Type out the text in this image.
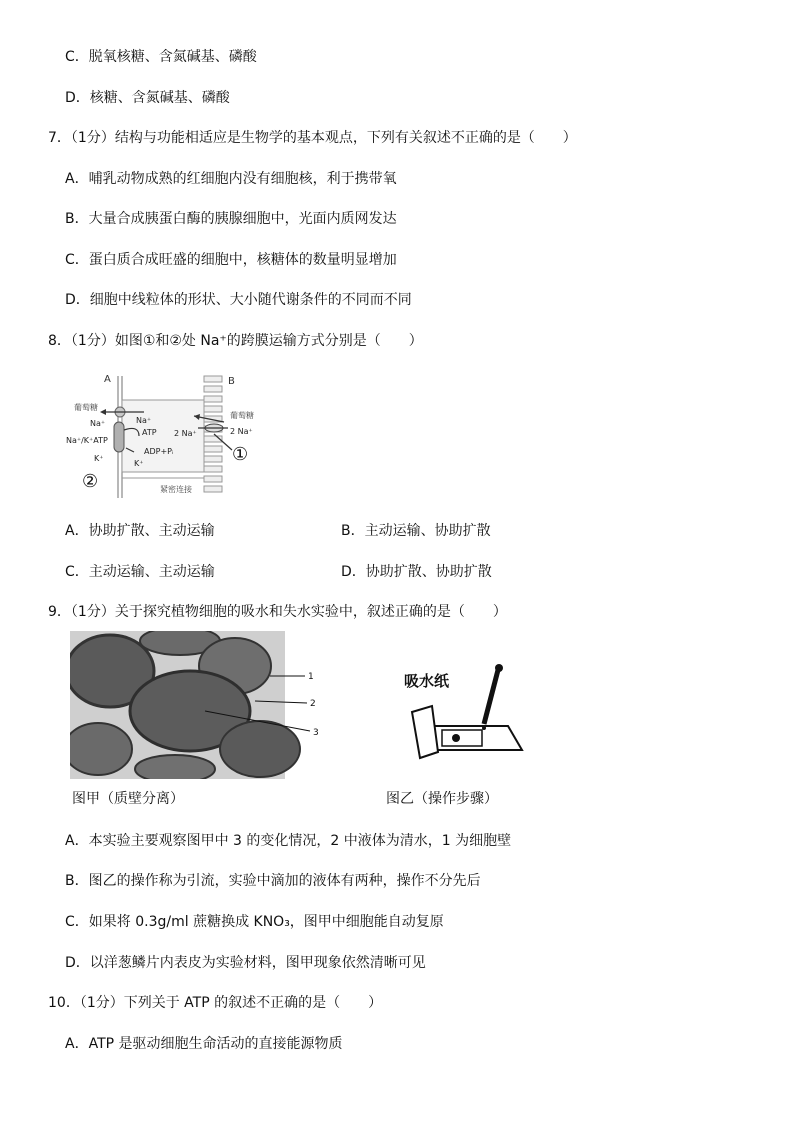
C．脱氧核糖、含氮碱基、磷酸
D．核糖、含氮碱基、磷酸
7．（1分）结构与功能相适应是生物学的基本观点，下列有关叙述不正确的是（　　）
A．哺乳动物成熟的红细胞内没有细胞核，利于携带氧
B．大量合成胰蛋白酶的胰腺细胞中，光面内质网发达
C．蛋白质合成旺盛的细胞中，核糖体的数量明显增加
D．细胞中线粒体的形状、大小随代谢条件的不同而不同
8．（1分）如图①和②处 Na⁺的跨膜运输方式分别是（　　）
A	B
葡萄糖
葡萄糖
Na⁺	Na⁺
ATP
Na⁺/K⁺ATP
ADP+Pᵢ
K⁺
K⁺
2 Na⁺	2 Na⁺
紧密连接
①
②
A．协助扩散、主动运输	B．主动运输、协助扩散
C．主动运输、主动运输	D．协助扩散、协助扩散
9．（1分）关于探究植物细胞的吸水和失水实验中，叙述正确的是（　　）
1
2
3
图甲（质壁分离）
吸水纸
图乙（操作步骤）
A．本实验主要观察图甲中 3 的变化情况，2 中液体为清水，1 为细胞壁
B．图乙的操作称为引流，实验中滴加的液体有两种，操作不分先后
C．如果将 0.3g/ml 蔗糖换成 KNO₃，图甲中细胞能自动复原
D．以洋葱鳞片内表皮为实验材料，图甲现象依然清晰可见
10．（1分）下列关于 ATP 的叙述不正确的是（　　）
A．ATP 是驱动细胞生命活动的直接能源物质
